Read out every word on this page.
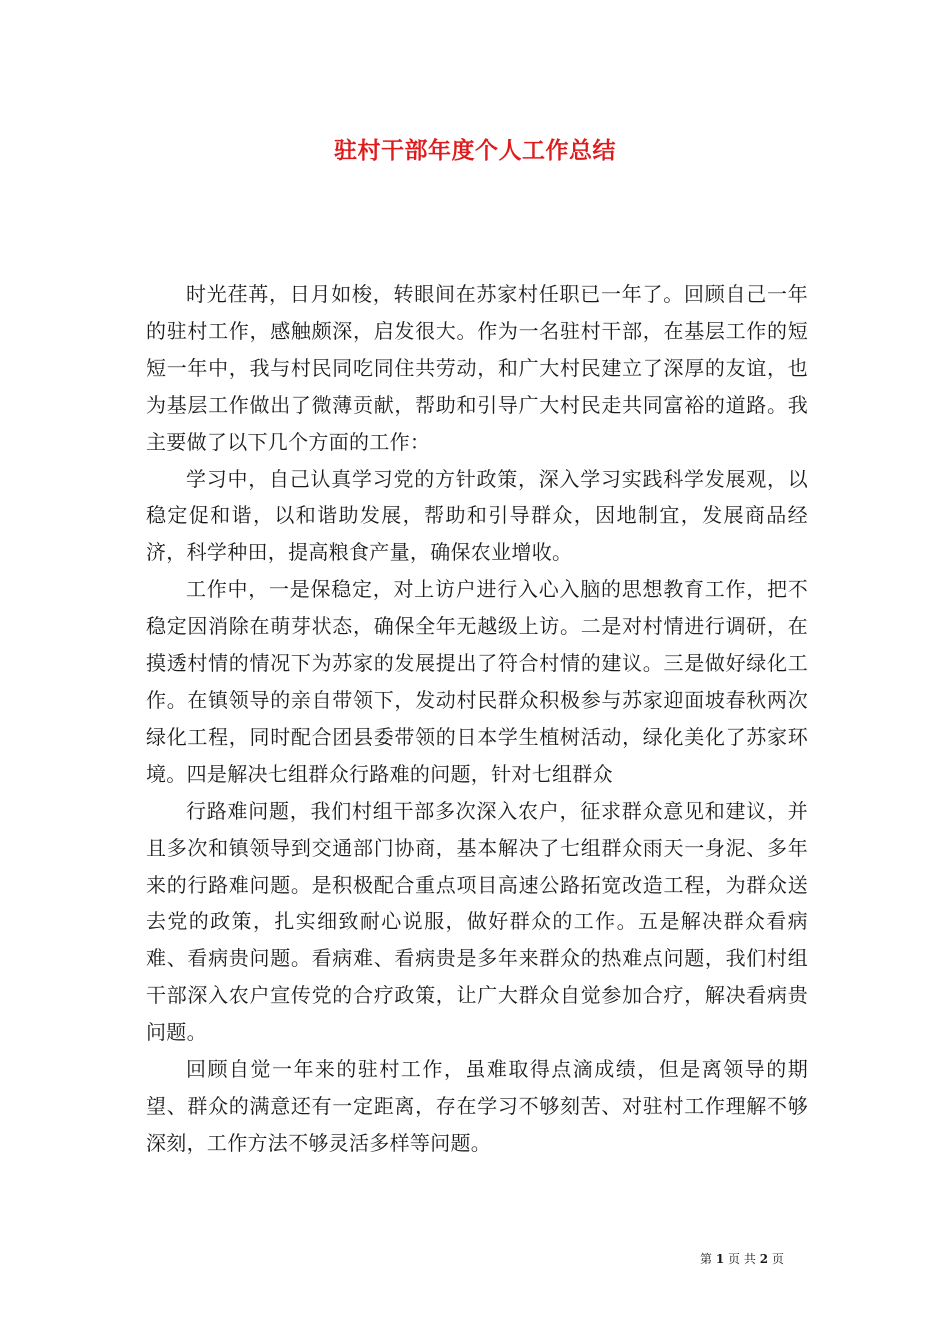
驻村干部年度个人工作总结

时光荏苒，日月如梭，转眼间在苏家村任职已一年了。回顾自己一年的驻村工作，感触颇深，启发很大。作为一名驻村干部，在基层工作的短短一年中，我与村民同吃同住共劳动，和广大村民建立了深厚的友谊，也为基层工作做出了微薄贡献，帮助和引导广大村民走共同富裕的道路。我主要做了以下几个方面的工作：

学习中，自己认真学习党的方针政策，深入学习实践科学发展观，以稳定促和谐，以和谐助发展，帮助和引导群众，因地制宜，发展商品经济，科学种田，提高粮食产量，确保农业增收。

工作中，一是保稳定，对上访户进行入心入脑的思想教育工作，把不稳定因消除在萌芽状态，确保全年无越级上访。二是对村情进行调研，在摸透村情的情况下为苏家的发展提出了符合村情的建议。三是做好绿化工作。在镇领导的亲自带领下，发动村民群众积极参与苏家迎面坡春秋两次绿化工程，同时配合团县委带领的日本学生植树活动，绿化美化了苏家环境。四是解决七组群众行路难的问题，针对七组群众

行路难问题，我们村组干部多次深入农户，征求群众意见和建议，并且多次和镇领导到交通部门协商，基本解决了七组群众雨天一身泥、多年来的行路难问题。是积极配合重点项目高速公路拓宽改造工程，为群众送去党的政策，扎实细致耐心说服，做好群众的工作。五是解决群众看病难、看病贵问题。看病难、看病贵是多年来群众的热难点问题，我们村组干部深入农户宣传党的合疗政策，让广大群众自觉参加合疗，解决看病贵问题。

回顾自觉一年来的驻村工作，虽难取得点滴成绩，但是离领导的期望、群众的满意还有一定距离，存在学习不够刻苦、对驻村工作理解不够深刻，工作方法不够灵活多样等问题。

第 1 页 共 2 页
